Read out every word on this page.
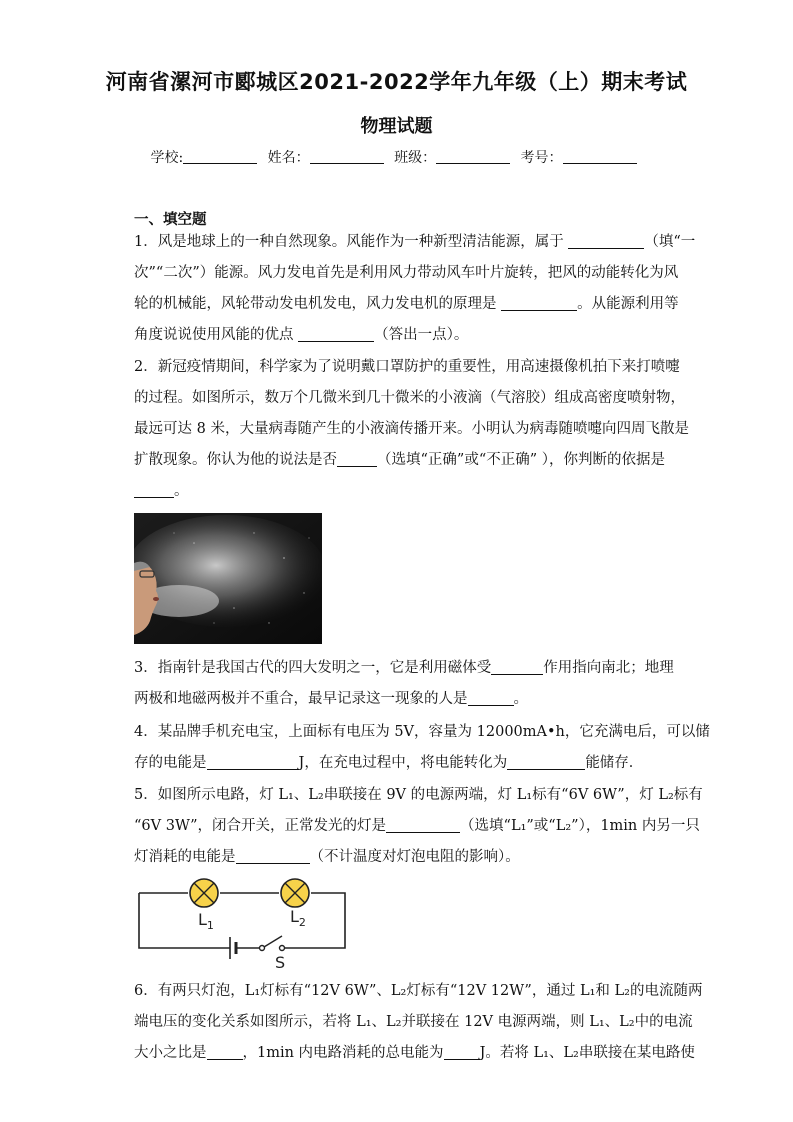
河南省漯河市郾城区2021-2022学年九年级（上）期末考试
物理试题
学校:	姓名：	班级：	考号：
一、填空题
1．风是地球上的一种自然现象。风能作为一种新型清洁能源，属于	（填“一
次”“二次”）能源。风力发电首先是利用风力带动风车叶片旋转，把风的动能转化为风
轮的机械能，风轮带动发电机发电，风力发电机的原理是	。从能源利用等
角度说说使用风能的优点	（答出一点）。
2．新冠疫情期间，科学家为了说明戴口罩防护的重要性，用高速摄像机拍下来打喷嚏
的过程。如图所示，数万个几微米到几十微米的小液滴（气溶胶）组成高密度喷射物，
最远可达 8 米，大量病毒随产生的小液滴传播开来。小明认为病毒随喷嚏向四周飞散是
扩散现象。你认为他的说法是否	（选填“正确”或“不正确” ），你判断的依据是
。
3．指南针是我国古代的四大发明之一，它是利用磁体受	作用指向南北；地理
两极和地磁两极并不重合，最早记录这一现象的人是	。
4．某品牌手机充电宝，上面标有电压为 5V，容量为 12000mA•h，它充满电后，可以储
存的电能是	J，在充电过程中，将电能转化为	能储存．
5．如图所示电路，灯 L₁、L₂串联接在 9V 的电源两端，灯 L₁标有“6V 6W”，灯 L₂标有
“6V 3W”，闭合开关，正常发光的灯是	（选填“L₁”或“L₂”），1min 内另一只
灯消耗的电能是	（不计温度对灯泡电阻的影响）。
$L_1$	$L_2$
S
6．有两只灯泡，L₁灯标有“12V 6W”、L₂灯标有“12V 12W”，通过 L₁和 L₂的电流随两
端电压的变化关系如图所示，若将 L₁、L₂并联接在 12V 电源两端，则 L₁、L₂中的电流
大小之比是 ，1min 内电路消耗的总电能为 J。若将 L₁、L₂串联接在某电路使
